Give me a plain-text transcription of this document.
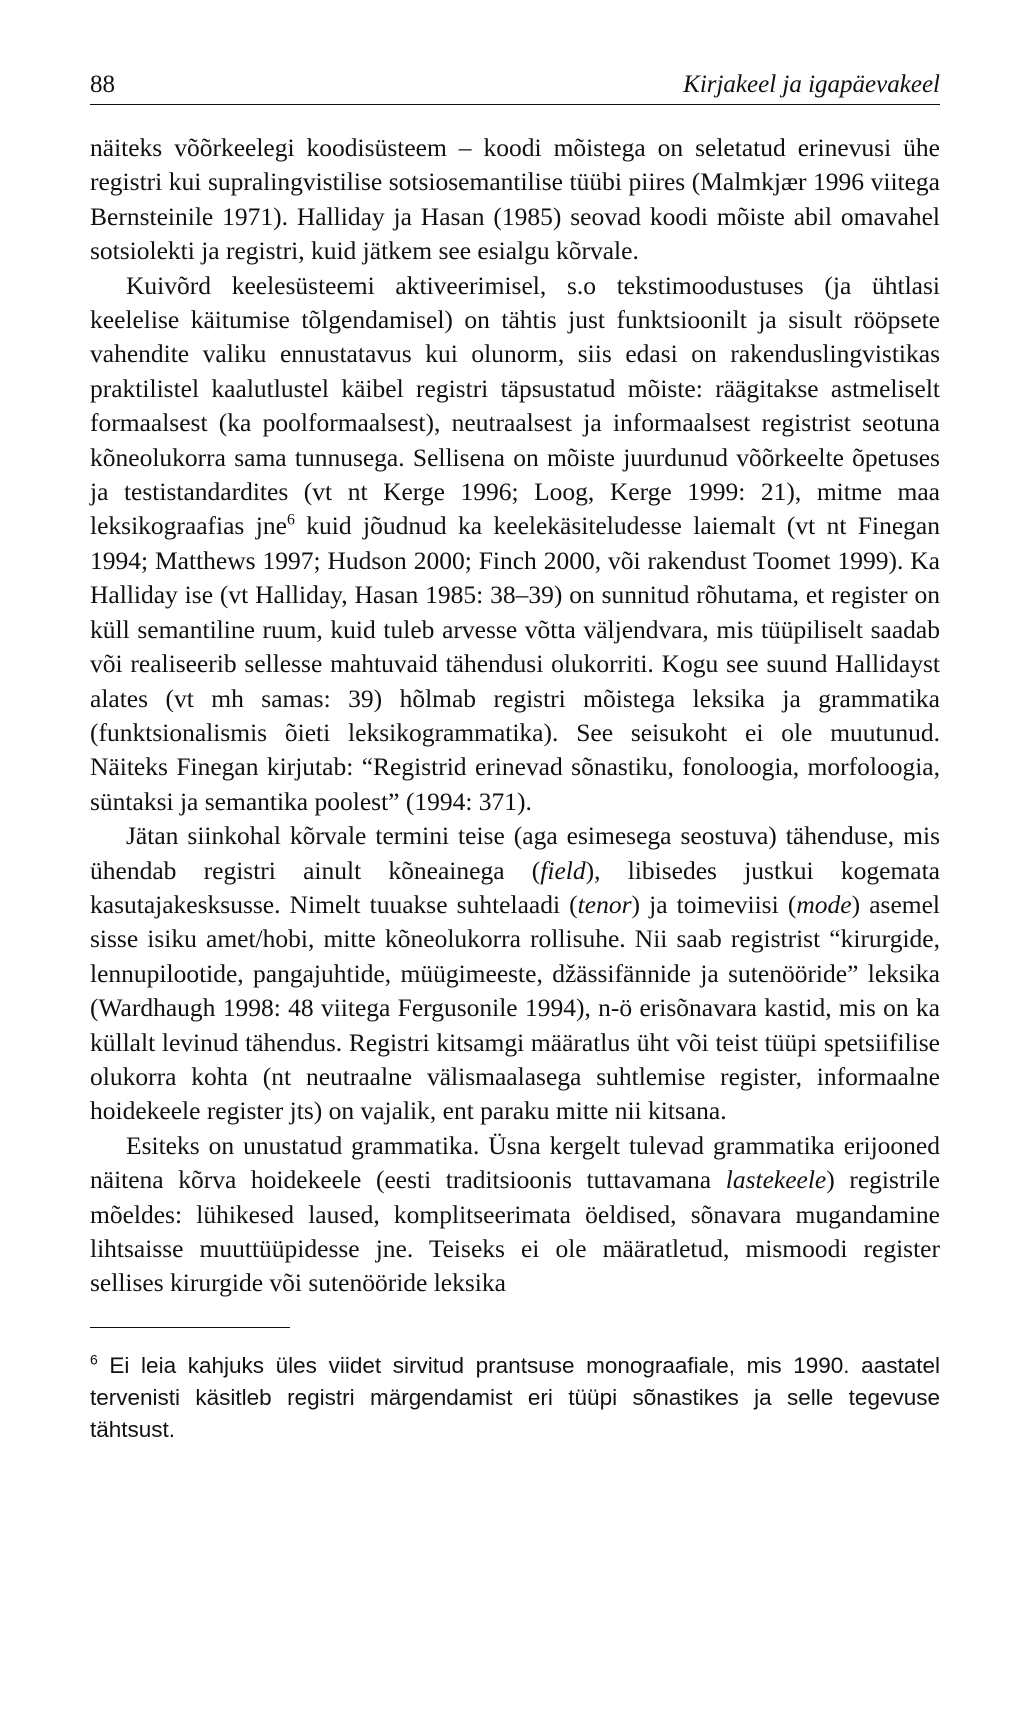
88	Kirjakeel ja igapäevakeel

näiteks võõrkeelegi koodisüsteem – koodi mõistega on seletatud erinevusi ühe registri kui supralingvistilise sotsiosemantilise tüübi piires (Malmkjær 1996 viitega Bernsteinile 1971). Halliday ja Hasan (1985) seovad koodi mõiste abil omavahel sotsiolekti ja registri, kuid jätkem see esialgu kõrvale.

Kuivõrd keelesüsteemi aktiveerimisel, s.o tekstimoodustuses (ja ühtlasi keelelise käitumise tõlgendamisel) on tähtis just funktsioonilt ja sisult rööpsete vahendite valiku ennustatavus kui olunorm, siis edasi on rakenduslingvistikas praktilistel kaalutlustel käibel registri täpsustatud mõiste: räägitakse astmeliselt formaalsest (ka poolformaalsest), neutraalsest ja informaalsest registrist seotuna kõneolukorra sama tunnusega. Sellisena on mõiste juurdunud võõrkeelte õpetuses ja testistandardites (vt nt Kerge 1996; Loog, Kerge 1999: 21), mitme maa leksikograafias jne$^6$ kuid jõudnud ka keelekäsiteludesse laiemalt (vt nt Finegan 1994; Matthews 1997; Hudson 2000; Finch 2000, või rakendust Toomet 1999). Ka Halliday ise (vt Halliday, Hasan 1985: 38–39) on sunnitud rõhutama, et register on küll semantiline ruum, kuid tuleb arvesse võtta väljendvara, mis tüüpiliselt saadab või realiseerib sellesse mahtuvaid tähendusi olukorriti. Kogu see suund Hallidayst alates (vt mh samas: 39) hõlmab registri mõistega leksika ja grammatika (funktsionalismis õieti leksikogrammatika). See seisukoht ei ole muutunud. Näiteks Finegan kirjutab: “Registrid erinevad sõnastiku, fonoloogia, morfoloogia, süntaksi ja semantika poolest” (1994: 371).

Jätan siinkohal kõrvale termini teise (aga esimesega seostuva) tähenduse, mis ühendab registri ainult kõneainega (field), libisedes justkui kogemata kasutajakesksusse. Nimelt tuuakse suhtelaadi (tenor) ja toimeviisi (mode) asemel sisse isiku amet/hobi, mitte kõneolukorra rollisuhe. Nii saab registrist “kirurgide, lennupilootide, pangajuhtide, müügimeeste, džässifännide ja sutenööride” leksika (Wardhaugh 1998: 48 viitega Fergusonile 1994), n-ö erisõnavara kastid, mis on ka küllalt levinud tähendus. Registri kitsamgi määratlus üht või teist tüüpi spetsiifilise olukorra kohta (nt neutraalne välismaalasega suhtlemise register, informaalne hoidekeele register jts) on vajalik, ent paraku mitte nii kitsana.

Esiteks on unustatud grammatika. Üsna kergelt tulevad grammatika erijooned näitena kõrva hoidekeele (eesti traditsioonis tuttavamana lastekeele) registrile mõeldes: lühikesed laused, komplitseerimata öeldised, sõnavara mugandamine lihtsaisse muuttüüpidesse jne. Teiseks ei ole määratletud, mismoodi register sellises kirurgide või sutenööride leksika

$^6$ Ei leia kahjuks üles viidet sirvitud prantsuse monograafiale, mis 1990. aastatel tervenisti käsitleb registri märgendamist eri tüüpi sõnastikes ja selle tegevuse tähtsust.
